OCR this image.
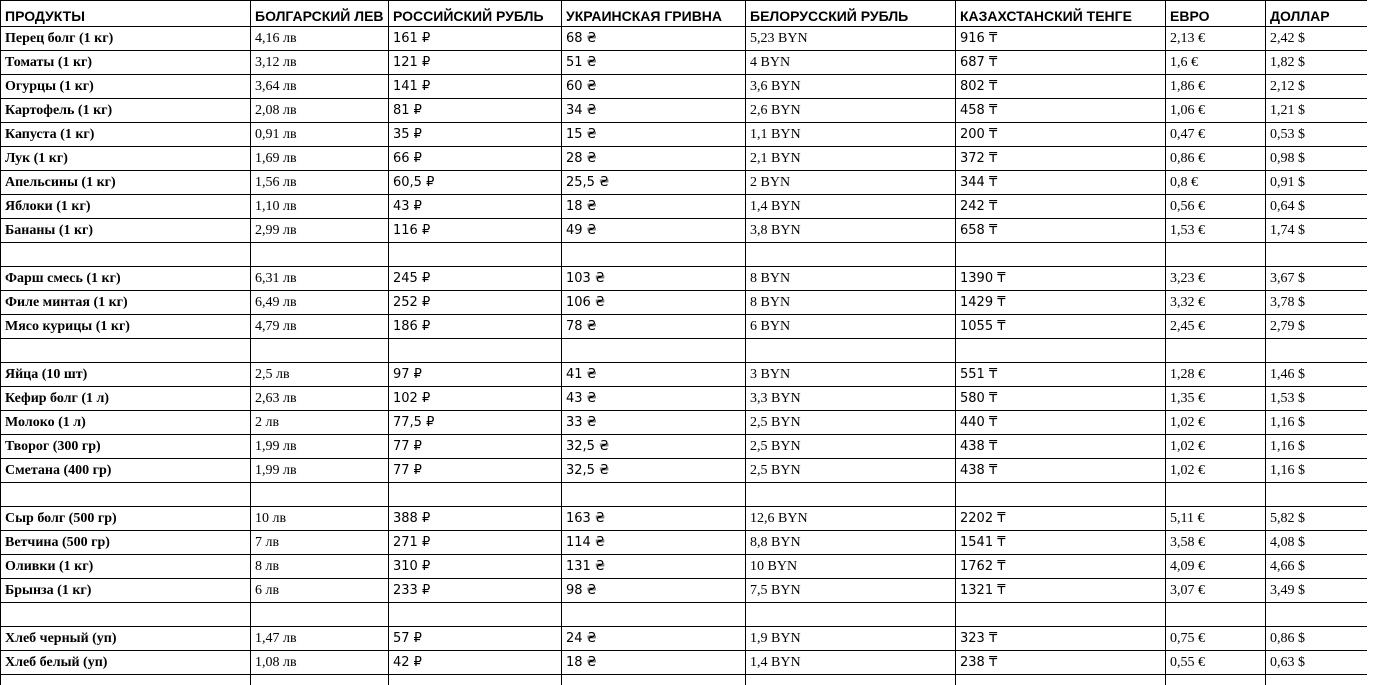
ПРОДУКТЫ	БОЛГАРСКИЙ ЛЕВ	РОССИЙСКИЙ РУБЛЬ	УКРАИНСКАЯ ГРИВНА	БЕЛОРУССКИЙ РУБЛЬ	КАЗАХСТАНСКИЙ ТЕНГЕ	ЕВРО	ДОЛЛАР
Перец болг (1 кг)	4,16 лв	161 ₽	68 ₴	5,23 BYN	916 ₸	2,13 €	2,42 $
Томаты (1 кг)	3,12 лв	121 ₽	51 ₴	4 BYN	687 ₸	1,6 €	1,82 $
Огурцы (1 кг)	3,64 лв	141 ₽	60 ₴	3,6 BYN	802 ₸	1,86 €	2,12 $
Картофель (1 кг)	2,08 лв	81 ₽	34 ₴	2,6 BYN	458 ₸	1,06 €	1,21 $
Капуста (1 кг)	0,91 лв	35 ₽	15 ₴	1,1 BYN	200 ₸	0,47 €	0,53 $
Лук (1 кг)	1,69 лв	66 ₽	28 ₴	2,1 BYN	372 ₸	0,86 €	0,98 $
Апельсины (1 кг)	1,56 лв	60,5 ₽	25,5 ₴	2 BYN	344 ₸	0,8 €	0,91 $
Яблоки (1 кг)	1,10 лв	43 ₽	18 ₴	1,4 BYN	242 ₸	0,56 €	0,64 $
Бананы (1 кг)	2,99 лв	116 ₽	49 ₴	3,8 BYN	658 ₸	1,53 €	1,74 $

Фарш смесь (1 кг)	6,31 лв	245 ₽	103 ₴	8 BYN	1390 ₸	3,23 €	3,67 $
Филе минтая (1 кг)	6,49 лв	252 ₽	106 ₴	8 BYN	1429 ₸	3,32 €	3,78 $
Мясо курицы (1 кг)	4,79 лв	186 ₽	78 ₴	6 BYN	1055 ₸	2,45 €	2,79 $

Яйца (10 шт)	2,5 лв	97 ₽	41 ₴	3 BYN	551 ₸	1,28 €	1,46 $
Кефир болг (1 л)	2,63 лв	102 ₽	43 ₴	3,3 BYN	580 ₸	1,35 €	1,53 $
Молоко (1 л)	2 лв	77,5 ₽	33 ₴	2,5 BYN	440 ₸	1,02 €	1,16 $
Творог (300 гр)	1,99 лв	77 ₽	32,5 ₴	2,5 BYN	438 ₸	1,02 €	1,16 $
Сметана (400 гр)	1,99 лв	77 ₽	32,5 ₴	2,5 BYN	438 ₸	1,02 €	1,16 $

Сыр болг (500 гр)	10 лв	388 ₽	163 ₴	12,6 BYN	2202 ₸	5,11 €	5,82 $
Ветчина (500 гр)	7 лв	271 ₽	114 ₴	8,8 BYN	1541 ₸	3,58 €	4,08 $
Оливки (1 кг)	8 лв	310 ₽	131 ₴	10 BYN	1762 ₸	4,09 €	4,66 $
Брынза (1 кг)	6 лв	233 ₽	98 ₴	7,5 BYN	1321 ₸	3,07 €	3,49 $

Хлеб черный (уп)	1,47 лв	57 ₽	24 ₴	1,9 BYN	323 ₸	0,75 €	0,86 $
Хлеб белый (уп)	1,08 лв	42 ₽	18 ₴	1,4 BYN	238 ₸	0,55 €	0,63 $
